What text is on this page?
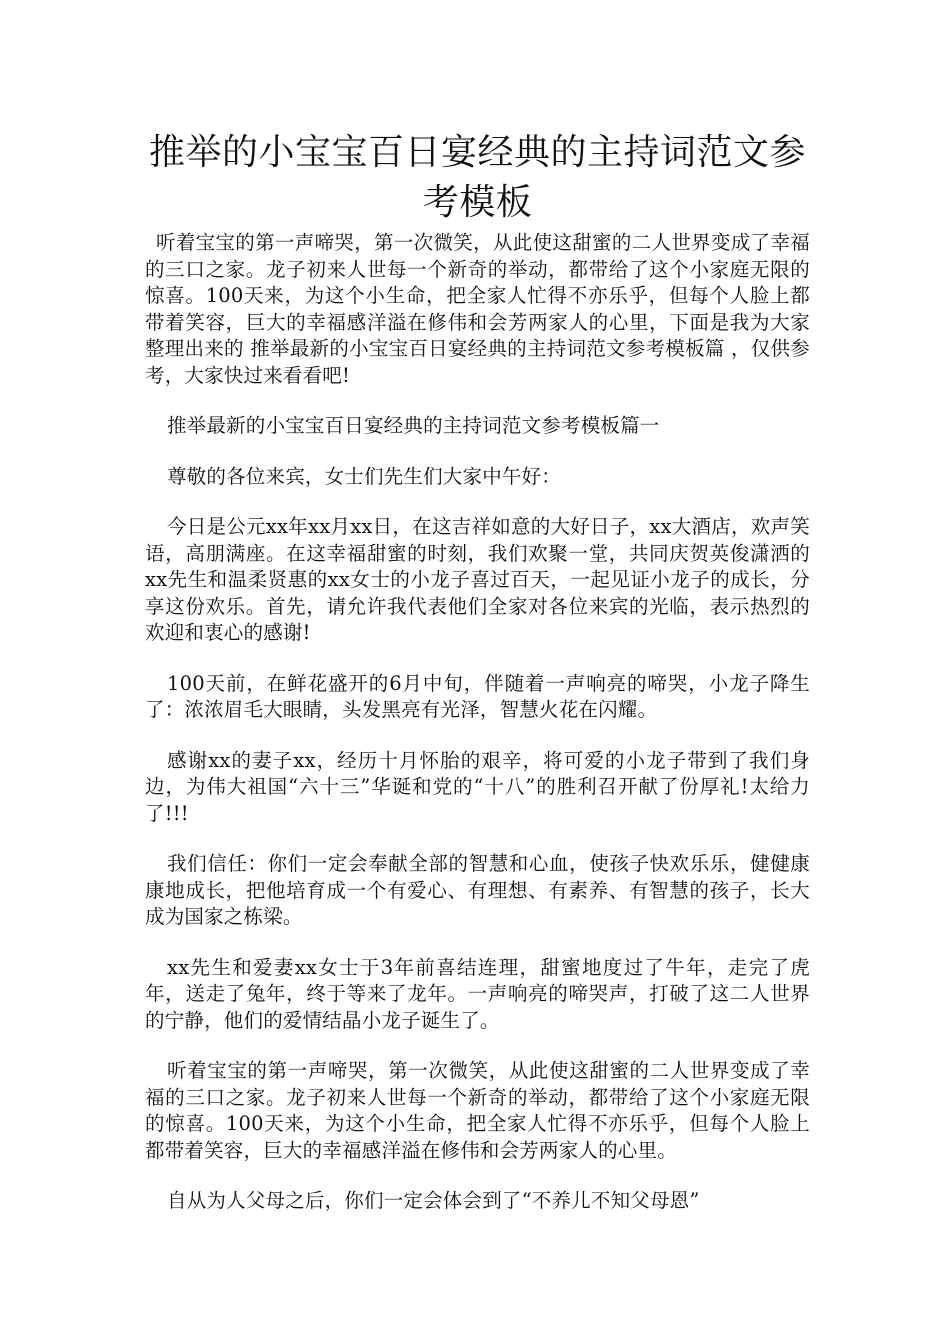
推举的小宝宝百日宴经典的主持词范文参考模板

听着宝宝的第一声啼哭，第一次微笑，从此使这甜蜜的二人世界变成了幸福的三口之家。龙子初来人世每一个新奇的举动，都带给了这个小家庭无限的惊喜。100天来，为这个小生命，把全家人忙得不亦乐乎，但每个人脸上都带着笑容，巨大的幸福感洋溢在修伟和会芳两家人的心里，下面是我为大家整理出来的 推举最新的小宝宝百日宴经典的主持词范文参考模板篇 ，仅供参考，大家快过来看看吧!

推举最新的小宝宝百日宴经典的主持词范文参考模板篇一

尊敬的各位来宾，女士们先生们大家中午好：

今日是公元xx年xx月xx日，在这吉祥如意的大好日子，xx大酒店，欢声笑语，高朋满座。在这幸福甜蜜的时刻，我们欢聚一堂，共同庆贺英俊潇洒的xx先生和温柔贤惠的xx女士的小龙子喜过百天，一起见证小龙子的成长，分享这份欢乐。首先，请允许我代表他们全家对各位来宾的光临，表示热烈的欢迎和衷心的感谢!

100天前，在鲜花盛开的6月中旬，伴随着一声响亮的啼哭，小龙子降生了：浓浓眉毛大眼睛，头发黑亮有光泽，智慧火花在闪耀。

感谢xx的妻子xx，经历十月怀胎的艰辛，将可爱的小龙子带到了我们身边，为伟大祖国“六十三”华诞和党的“十八”的胜利召开献了份厚礼!太给力了!!!

我们信任：你们一定会奉献全部的智慧和心血，使孩子快欢乐乐，健健康康地成长，把他培育成一个有爱心、有理想、有素养、有智慧的孩子，长大成为国家之栋梁。

xx先生和爱妻xx女士于3年前喜结连理，甜蜜地度过了牛年，走完了虎年，送走了兔年，终于等来了龙年。一声响亮的啼哭声，打破了这二人世界的宁静，他们的爱情结晶小龙子诞生了。

听着宝宝的第一声啼哭，第一次微笑，从此使这甜蜜的二人世界变成了幸福的三口之家。龙子初来人世每一个新奇的举动，都带给了这个小家庭无限的惊喜。100天来，为这个小生命，把全家人忙得不亦乐乎，但每个人脸上都带着笑容，巨大的幸福感洋溢在修伟和会芳两家人的心里。

自从为人父母之后，你们一定会体会到了“不养儿不知父母恩”
